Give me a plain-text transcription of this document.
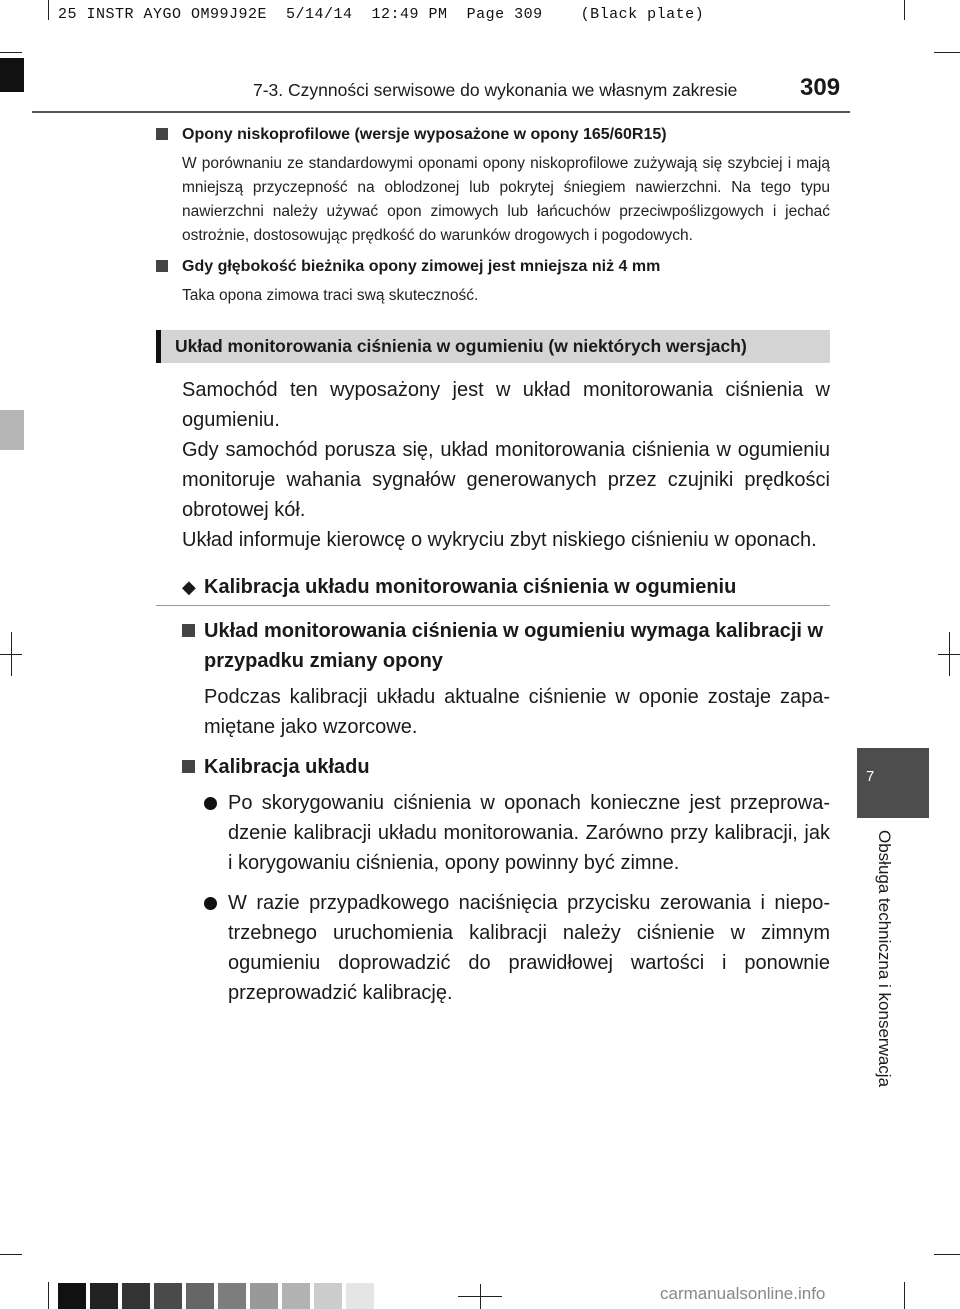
25 INSTR AYGO OM99J92E  5/14/14  12:49 PM  Page 309    (Black plate)
7-3. Czynności serwisowe do wykonania we własnym zakresie	309
7
Obsługa techniczna i konserwacja
Opony niskoprofilowe (wersje wyposażone w opony 165/60R15)
W porównaniu ze standardowymi oponami opony niskoprofilowe zużywają się szybciej i mają mniejszą przyczepność na oblodzonej lub pokrytej śniegiem nawierzchni. Na tego typu nawierzchni należy używać opon zimowych lub łańcuchów przeciwpoślizgowych i jechać ostrożnie, dostosowując prędkość do warunków drogowych i pogodowych.
Gdy głębokość bieżnika opony zimowej jest mniejsza niż 4 mm
Taka opona zimowa traci swą skuteczność.
Układ monitorowania ciśnienia w ogumieniu (w niektórych wersjach)
Samochód ten wyposażony jest w układ monitorowania ciśnienia w ogumieniu.
Gdy samochód porusza się, układ monitorowania ciśnienia w ogumieniu monitoruje wahania sygnałów generowanych przez czujniki prędkości obrotowej kół.
Układ informuje kierowcę o wykryciu zbyt niskiego ciśnieniu w oponach.
◆ Kalibracja układu monitorowania ciśnienia w ogumieniu
Układ monitorowania ciśnienia w ogumieniu wymaga kalibracji w przypadku zmiany opony
Podczas kalibracji układu aktualne ciśnienie w oponie zostaje zapa-miętane jako wzorcowe.
Kalibracja układu
Po skorygowaniu ciśnienia w oponach konieczne jest przeprowa-dzenie kalibracji układu monitorowania. Zarówno przy kalibracji, jak i korygowaniu ciśnienia, opony powinny być zimne.
W razie przypadkowego naciśnięcia przycisku zerowania i niepo-trzebnego uruchomienia kalibracji należy ciśnienie w zimnym ogumieniu doprowadzić do prawidłowej wartości i ponownie przeprowadzić kalibrację.
carmanualsonline.info
